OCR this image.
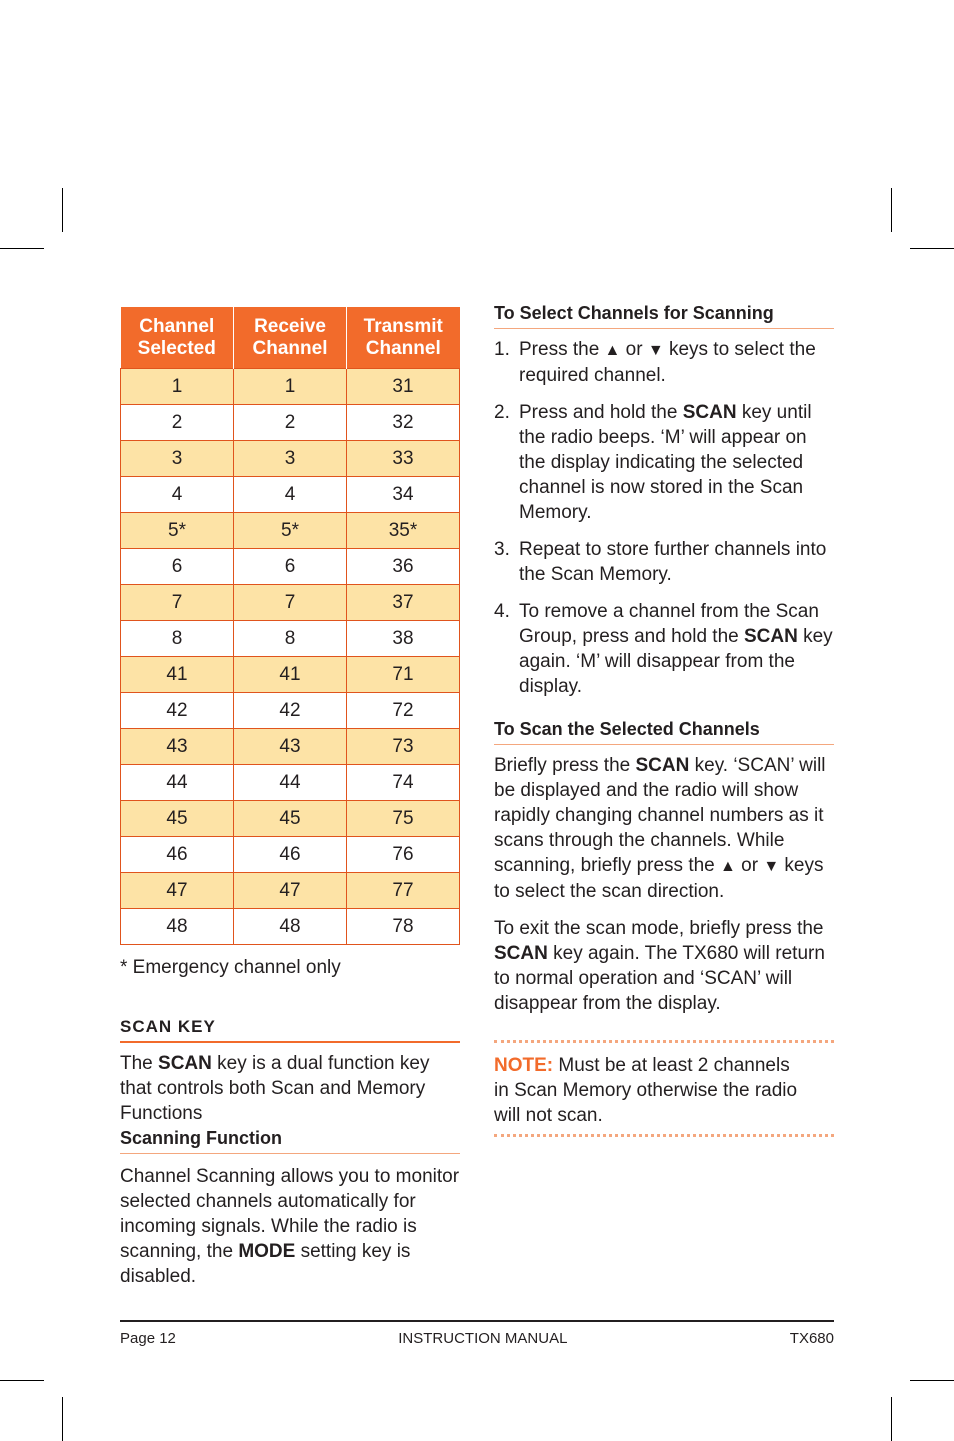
Channel Selected	Receive Channel	Transmit Channel
1	1	31
2	2	32
3	3	33
4	4	34
5*	5*	35*
6	6	36
7	7	37
8	8	38
41	41	71
42	42	72
43	43	73
44	44	74
45	45	75
46	46	76
47	47	77
48	48	78
* Emergency channel only
SCAN KEY

The SCAN key is a dual function key that controls both Scan and Memory Functions

Scanning Function

Channel Scanning allows you to monitor selected channels automatically for incoming signals. While the radio is scanning, the MODE setting key is disabled.

To Select Channels for Scanning
1. Press the ▲ or ▼ keys to select the required channel.
2. Press and hold the SCAN key until the radio beeps. ‘M’ will appear on the display indicating the selected channel is now stored in the Scan Memory.
3. Repeat to store further channels into the Scan Memory.
4. To remove a channel from the Scan Group, press and hold the SCAN key again. ‘M’ will disappear from the display.
To Scan the Selected Channels

Briefly press the SCAN key. ‘SCAN’ will be displayed and the radio will show rapidly changing channel numbers as it scans through the channels. While scanning, briefly press the ▲ or ▼ keys to select the scan direction.

To exit the scan mode, briefly press the SCAN key again. The TX680 will return to normal operation and ‘SCAN’ will disappear from the display.

NOTE: Must be at least 2 channels in Scan Memory otherwise the radio will not scan.

Page 12	INSTRUCTION MANUAL	TX680
